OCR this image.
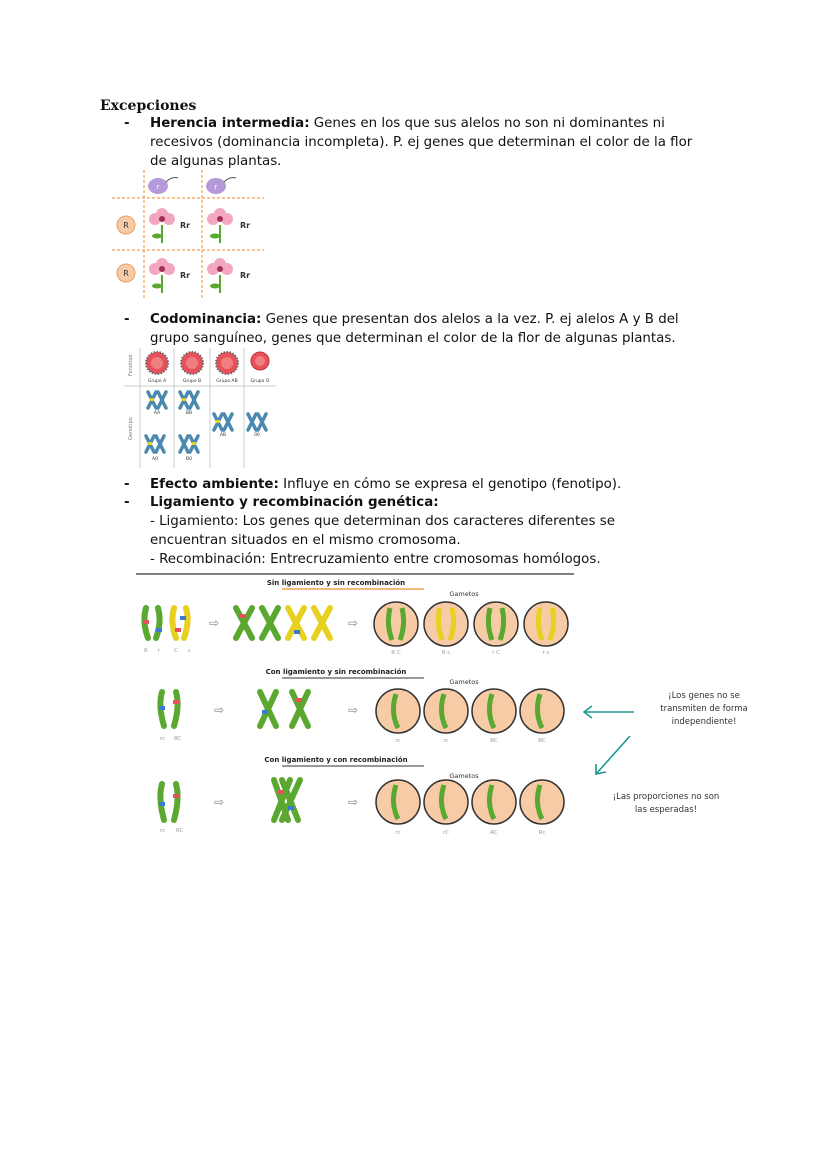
Excepciones
- Herencia intermedia: Genes en los que sus alelos no son ni dominantes ni
recesivos (dominancia incompleta). P. ej genes que determinan el color de la flor
de algunas plantas.
r	r
R
R
Rr	Rr
Rr	Rr
- Codominancia: Genes que presentan dos alelos a la vez. P. ej alelos A y B del
grupo sanguíneo, genes que determinan el color de la flor de algunas plantas.
Fenotipo
Genotipo
Grupo A	Grupo B	Grupo AB	Grupo O
AA	BB
AB	00
A0	B0
- Efecto ambiente: Influye en cómo se expresa el genotipo (fenotipo).
- Ligamiento y recombinación genética:
- Ligamiento: Los genes que determinan dos caracteres diferentes se
encuentran situados en el mismo cromosoma.
- Recombinación: Entrecruzamiento entre cromosomas homólogos.
Sin ligamiento y sin recombinación
Gametos
⇨	⇨
R r C c	R C	R c	r C	r c
Con ligamiento y sin recombinación
Gametos
⇨	⇨
rc RC	rc	rc	RC	RC
Con ligamiento y con recombinación
Gametos
⇨	⇨
rc RC	rc	rC	RC	Rc
¡Los genes no se
transmiten de forma
independiente!
¡Las proporciones no son
las esperadas!
